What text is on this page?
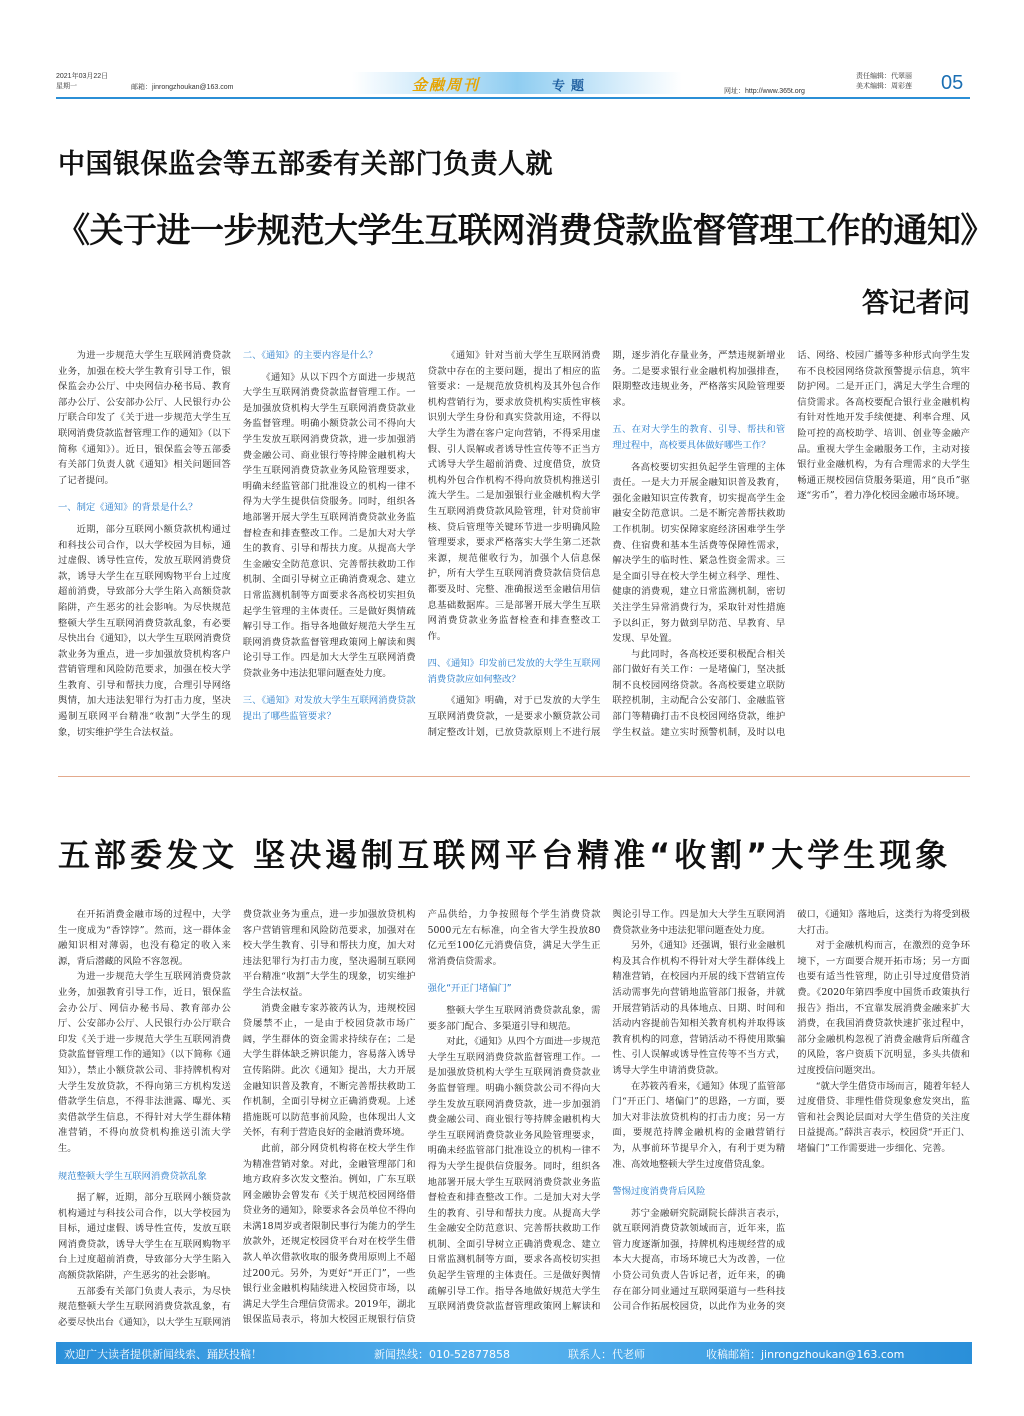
2021年03月22日
星期一	邮箱：jinrongzhoukan@163.com	金融周刊	专题	网址：http://www.365t.org
责任编辑：代翠丽
美术编辑：周彩莲 05
中国银保监会等五部委有关部门负责人就
《关于进一步规范大学生互联网消费贷款监督管理工作的通知》
答记者问

为进一步规范大学生互联网消费贷款业务，加强在校大学生教育引导工作，银保监会办公厅、中央网信办秘书局、教育部办公厅、公安部办公厅、人民银行办公厅联合印发了《关于进一步规范大学生互联网消费贷款监督管理工作的通知》（以下简称《通知》）。近日，银保监会等五部委有关部门负责人就《通知》相关问题回答了记者提问。

一、制定《通知》的背景是什么？

近期，部分互联网小额贷款机构通过和科技公司合作，以大学校园为目标，通过虚假、诱导性宣传，发放互联网消费贷款，诱导大学生在互联网购物平台上过度超前消费，导致部分大学生陷入高额贷款陷阱，产生恶劣的社会影响。为尽快规范整顿大学生互联网消费贷款乱象，有必要尽快出台《通知》，以大学生互联网消费贷款业务为重点，进一步加强放贷机构客户营销管理和风险防范要求，加强在校大学生教育、引导和帮扶力度，合理引导网络舆情，加大违法犯罪行为打击力度，坚决遏制互联网平台精准“收割”大学生的现象，切实维护学生合法权益。

二、《通知》的主要内容是什么？

《通知》从以下四个方面进一步规范大学生互联网消费贷款监督管理工作。一是加强放贷机构大学生互联网消费贷款业务监督管理。明确小额贷款公司不得向大学生发放互联网消费贷款，进一步加强消费金融公司、商业银行等持牌金融机构大学生互联网消费贷款业务风险管理要求，明确未经监管部门批准设立的机构一律不得为大学生提供信贷服务。同时，组织各地部署开展大学生互联网消费贷款业务监督检查和排查整改工作。二是加大对大学生的教育、引导和帮扶力度。从提高大学生金融安全防范意识、完善帮扶救助工作机制、全面引导树立正确消费观念、建立日常监测机制等方面要求各高校切实担负起学生管理的主体责任。三是做好舆情疏解引导工作。指导各地做好规范大学生互联网消费贷款监督管理政策网上解读和舆论引导工作。四是加大大学生互联网消费贷款业务中违法犯罪问题查处力度。

三、《通知》对发放大学生互联网消费贷款提出了哪些监管要求？

《通知》针对当前大学生互联网消费贷款中存在的主要问题，提出了相应的监管要求：一是规范放贷机构及其外包合作机构营销行为，要求放贷机构实质性审核识别大学生身份和真实贷款用途，不得以大学生为潜在客户定向营销，不得采用虚假、引人误解或者诱导性宣传等不正当方式诱导大学生超前消费、过度借贷，放贷机构外包合作机构不得向放贷机构推送引流大学生。二是加强银行业金融机构大学生互联网消费贷款风险管理，针对贷前审核、贷后管理等关键环节进一步明确风险管理要求，要求严格落实大学生第二还款来源，规范催收行为，加强个人信息保护，所有大学生互联网消费贷款信贷信息都要及时、完整、准确报送至金融信用信息基础数据库。三是部署开展大学生互联网消费贷款业务监督检查和排查整改工作。

四、《通知》印发前已发放的大学生互联网消费贷款应如何整改？

《通知》明确，对于已发放的大学生互联网消费贷款，一是要求小额贷款公司制定整改计划，已放贷款原则上不进行展期，逐步消化存量业务，严禁违规新增业务。二是要求银行业金融机构加强排查，限期整改违规业务，严格落实风险管理要求。

五、在对大学生的教育、引导、帮扶和管理过程中，高校要具体做好哪些工作？

各高校要切实担负起学生管理的主体责任。一是大力开展金融知识普及教育，强化金融知识宣传教育，切实提高学生金融安全防范意识。二是不断完善帮扶救助工作机制。切实保障家庭经济困难学生学费、住宿费和基本生活费等保障性需求，解决学生的临时性、紧急性资金需求。三是全面引导在校大学生树立科学、理性、健康的消费观，建立日常监测机制，密切关注学生异常消费行为，采取针对性措施予以纠正，努力做到早防范、早教育、早发现、早处置。

与此同时，各高校还要积极配合相关部门做好有关工作：一是堵偏门，坚决抵制不良校园网络贷款。各高校要建立联防联控机制，主动配合公安部门、金融监管部门等精确打击不良校园网络贷款，维护学生权益。建立实时预警机制，及时以电话、网络、校园广播等多种形式向学生发布不良校园网络贷款预警提示信息，筑牢防护网。二是开正门，满足大学生合理的信贷需求。各高校要配合银行业金融机构有针对性地开发手续便捷、利率合理、风险可控的高校助学、培训、创业等金融产品。重视大学生金融服务工作，主动对接银行业金融机构，为有合理需求的大学生畅通正规校园信贷服务渠道，用“良币”驱逐“劣币”，着力净化校园金融市场环境。

五部委发文 坚决遏制互联网平台精准“收割”大学生现象

在开拓消费金融市场的过程中，大学生一度成为“香饽饽”。然而，这一群体金融知识相对薄弱，也没有稳定的收入来源，背后潜藏的风险不容忽视。

为进一步规范大学生互联网消费贷款业务，加强教育引导工作，近日，银保监会办公厅、网信办秘书局、教育部办公厅、公安部办公厅、人民银行办公厅联合印发《关于进一步规范大学生互联网消费贷款监督管理工作的通知》（以下简称《通知》），禁止小额贷款公司、非持牌机构对大学生发放贷款，不得向第三方机构发送借款学生信息，不得非法泄露、曝光、买卖借款学生信息，不得针对大学生群体精准营销，不得向放贷机构推送引流大学生。

规范整顿大学生互联网消费贷款乱象

据了解，近期，部分互联网小额贷款机构通过与科技公司合作，以大学校园为目标，通过虚假、诱导性宣传，发放互联网消费贷款，诱导大学生在互联网购物平台上过度超前消费，导致部分大学生陷入高额贷款陷阱，产生恶劣的社会影响。

五部委有关部门负责人表示，为尽快规范整顿大学生互联网消费贷款乱象，有必要尽快出台《通知》，以大学生互联网消费贷款业务为重点，进一步加强放贷机构客户营销管理和风险防范要求，加强对在校大学生教育、引导和帮扶力度，加大对违法犯罪行为打击力度，坚决遏制互联网平台精准“收割”大学生的现象，切实维护学生合法权益。

消费金融专家苏筱芮认为，违规校园贷屡禁不止，一是由于校园贷款市场广阔，学生群体的资金需求持续存在；二是大学生群体缺乏辨识能力，容易落入诱导宣传陷阱。此次《通知》提出，大力开展金融知识普及教育，不断完善帮扶救助工作机制，全面引导树立正确消费观。上述措施既可以防范事前风险，也体现出人文关怀，有利于营造良好的金融消费环境。

此前，部分网贷机构将在校大学生作为精准营销对象。对此，金融管理部门和地方政府多次发文整治。例如，广东互联网金融协会曾发布《关于规范校园网络借贷业务的通知》，除要求各会员单位不得向未满18周岁或者限制民事行为能力的学生放款外，还规定校园贷平台对在校学生借款人单次借款收取的服务费用原则上不超过200元。另外，为更好“开正门”，一些银行业金融机构陆续进入校园贷市场，以满足大学生合理信贷需求。2019年，湖北银保监局表示，将加大校园正规银行信贷产品供给，力争按照每个学生消费贷款5000元左右标准，向全省大学生投放80亿元至100亿元消费信贷，满足大学生正常消费信贷需求。

强化“开正门堵偏门”

整顿大学生互联网消费贷款乱象，需要多部门配合、多渠道引导和规范。

对此，《通知》从四个方面进一步规范大学生互联网消费贷款监督管理工作。一是加强放贷机构大学生互联网消费贷款业务监督管理。明确小额贷款公司不得向大学生发放互联网消费贷款，进一步加强消费金融公司、商业银行等持牌金融机构大学生互联网消费贷款业务风险管理要求，明确未经监管部门批准设立的机构一律不得为大学生提供信贷服务。同时，组织各地部署开展大学生互联网消费贷款业务监督检查和排查整改工作。二是加大对大学生的教育、引导和帮扶力度。从提高大学生金融安全防范意识、完善帮扶救助工作机制、全面引导树立正确消费观念、建立日常监测机制等方面，要求各高校切实担负起学生管理的主体责任。三是做好舆情疏解引导工作。指导各地做好规范大学生互联网消费贷款监督管理政策网上解读和舆论引导工作。四是加大大学生互联网消费贷款业务中违法犯罪问题查处力度。

另外，《通知》还强调，银行业金融机构及其合作机构不得针对大学生群体线上精准营销，在校园内开展的线下营销宣传活动需事先向营销地监管部门报备，并就开展营销活动的具体地点、日期、时间和活动内容提前告知相关教育机构并取得该教育机构的同意，营销活动不得使用欺骗性、引人误解或诱导性宣传等不当方式，诱导大学生申请消费贷款。

在苏筱芮看来，《通知》体现了监管部门“开正门、堵偏门”的思路，一方面，要加大对非法放贷机构的打击力度；另一方面，要规范持牌金融机构的金融营销行为，从事前环节提早介入，有利于更为精准、高效地整顿大学生过度借贷乱象。

警惕过度消费背后风险

苏宁金融研究院副院长薛洪言表示，就互联网消费贷款领域而言，近年来，监管力度逐渐加强，持牌机构违规经营的成本大大提高，市场环境已大为改善，一位小贷公司负责人告诉记者，近年来，的确存在部分同业通过互联网渠道与一些科技公司合作拓展校园贷，以此作为业务的突破口，《通知》落地后，这类行为将受到极大打击。

对于金融机构而言，在激烈的竞争环境下，一方面要合规开拓市场；另一方面也要有适当性管理，防止引导过度借贷消费。《2020年第四季度中国货币政策执行报告》指出，不宜靠发展消费金融来扩大消费，在我国消费贷款快速扩张过程中，部分金融机构忽视了消费金融背后所蕴含的风险，客户资质下沉明显，多头共债和过度授信问题突出。

“就大学生借贷市场而言，随着年轻人过度借贷、非理性借贷现象愈发突出，监管和社会舆论层面对大学生借贷的关注度日益提高。”薛洪言表示，校园贷“开正门、堵偏门”工作需要进一步细化、完善。

欢迎广大读者提供新闻线索、踊跃投稿！	新闻热线：010-52877858	联系人：代老师	收稿邮箱：jinrongzhoukan@163.com
